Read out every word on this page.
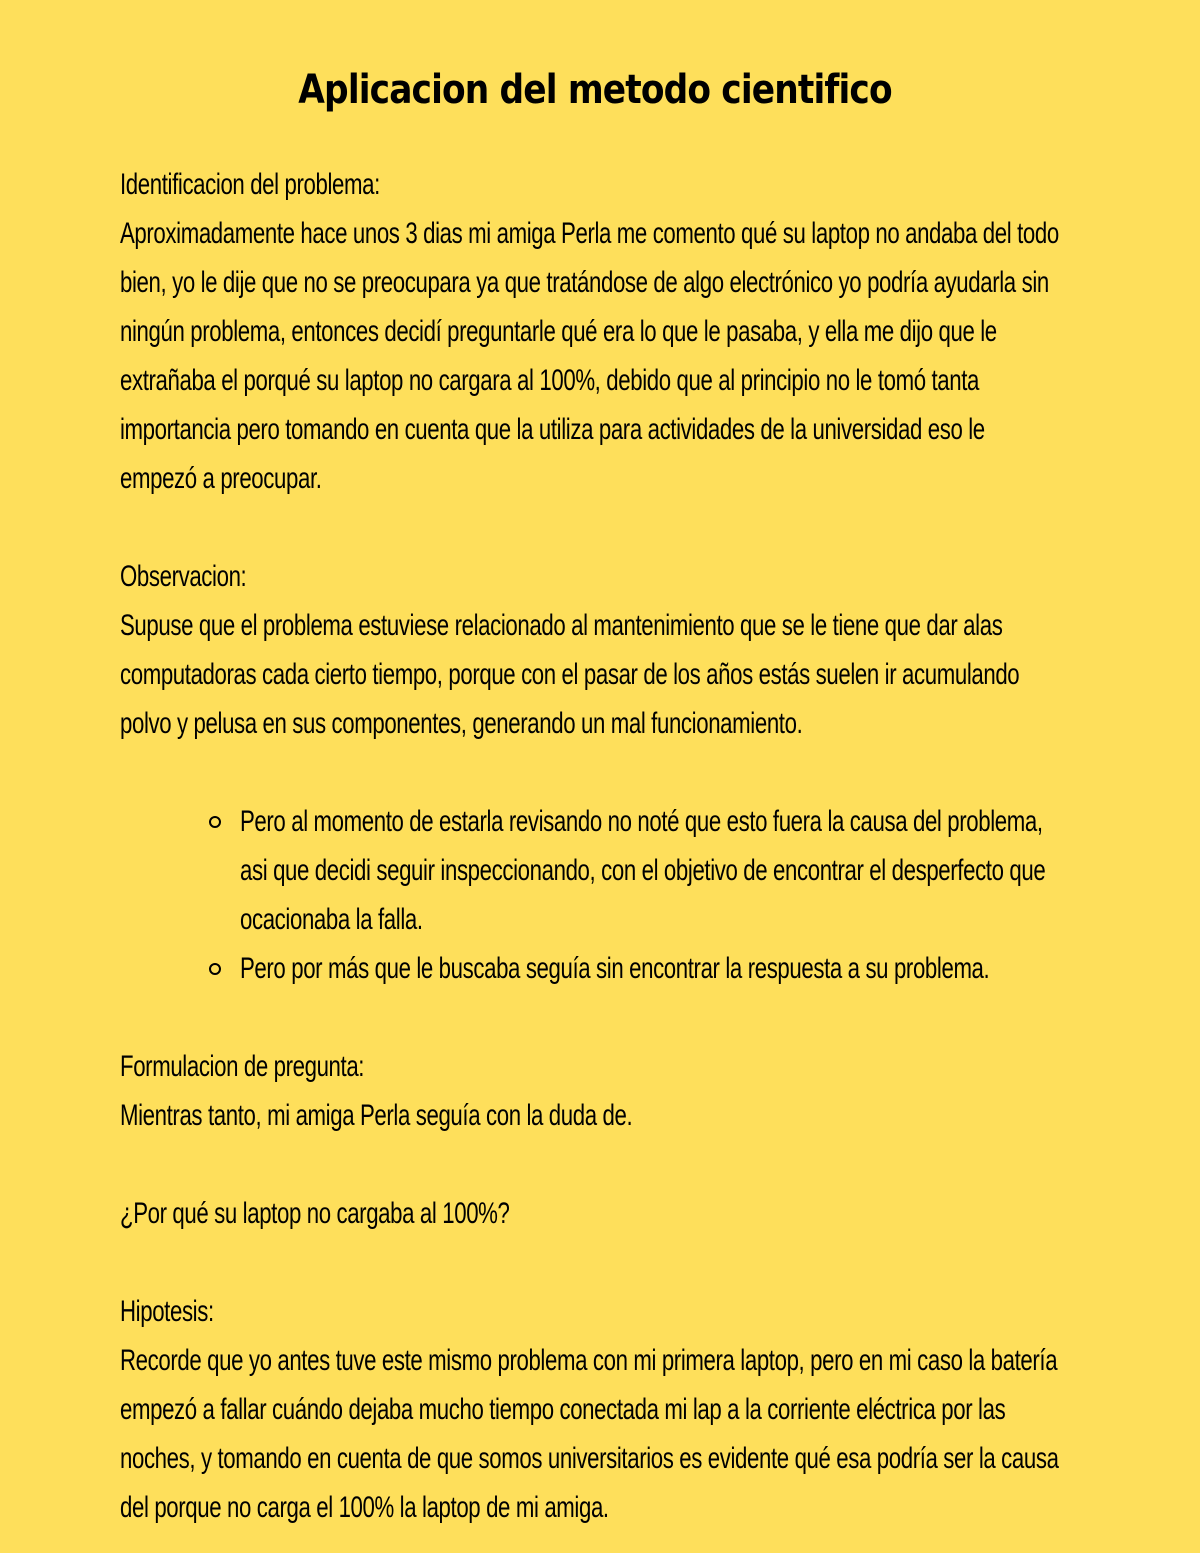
Aplicacion del metodo cientifico

Identificacion del problema:

Aproximadamente hace unos 3 dias mi amiga Perla me comento qué su laptop no andaba del todo

bien, yo le dije que no se preocupara ya que tratándose de algo electrónico yo podría ayudarla sin

ningún problema, entonces decidí preguntarle qué era lo que le pasaba, y ella me dijo que le

extrañaba el porqué su laptop no cargara al 100%, debido que al principio no le tomó tanta

importancia pero tomando en cuenta que la utiliza para actividades de la universidad eso le

empezó a preocupar.

Observacion:

Supuse que el problema estuviese relacionado al mantenimiento que se le tiene que dar alas

computadoras cada cierto tiempo, porque con el pasar de los años estás suelen ir acumulando

polvo y pelusa en sus componentes, generando un mal funcionamiento.

Pero al momento de estarla revisando no noté que esto fuera la causa del problema,
asi que decidi seguir inspeccionando, con el objetivo de encontrar el desperfecto que
ocacionaba la falla.
Pero por más que le buscaba seguía sin encontrar la respuesta a su problema.

Formulacion de pregunta:

Mientras tanto, mi amiga Perla seguía con la duda de.

¿Por qué su laptop no cargaba al 100%?

Hipotesis:

Recorde que yo antes tuve este mismo problema con mi primera laptop, pero en mi caso la batería

empezó a fallar cuándo dejaba mucho tiempo conectada mi lap a la corriente eléctrica por las

noches, y tomando en cuenta de que somos universitarios es evidente qué esa podría ser la causa

del porque no carga el 100% la laptop de mi amiga.
